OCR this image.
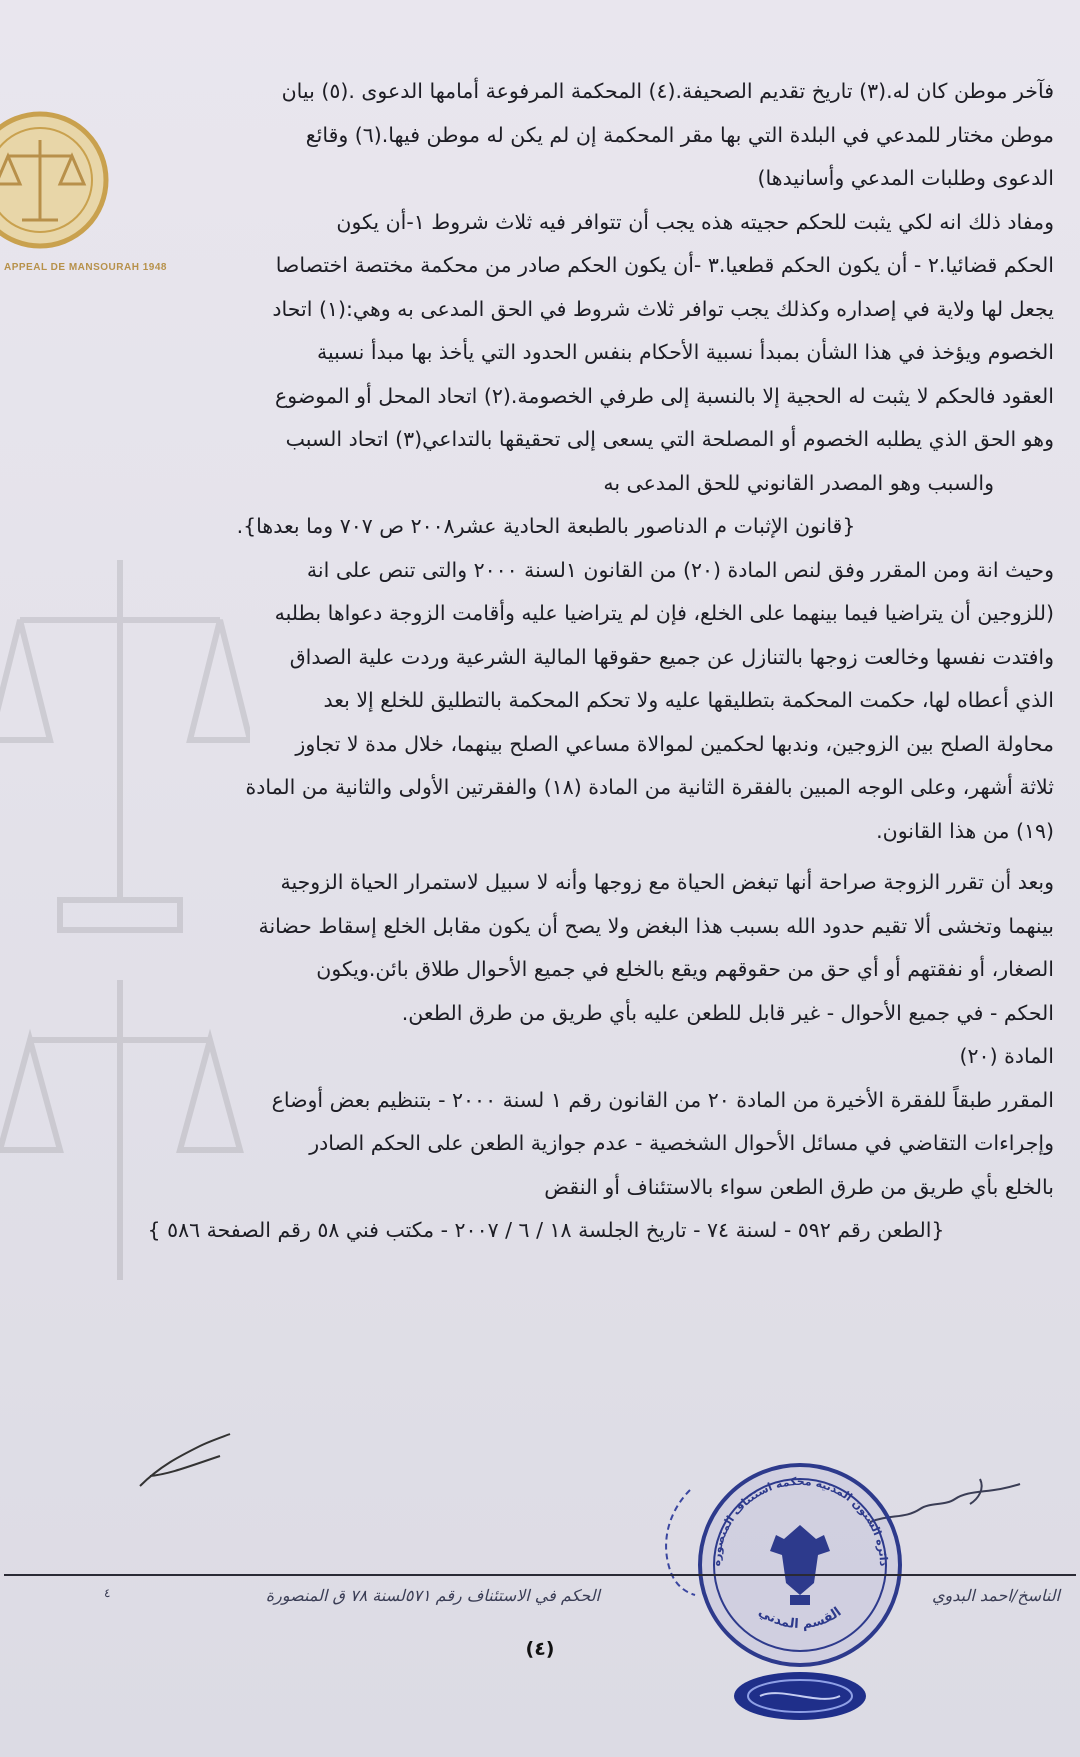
APPEAL DE MANSOURAH 1948

فآخر موطن كان له.(٣) تاريخ تقديم الصحيفة.(٤) المحكمة المرفوعة أمامها الدعوى .(٥) بيان

موطن مختار للمدعي في البلدة التي بها مقر المحكمة إن لم يكن له موطن فيها.(٦) وقائع

الدعوى وطلبات المدعي وأسانيدها)

ومفاد ذلك انه لكي يثبت للحكم حجيته هذه يجب أن تتوافر فيه ثلاث شروط ١-أن يكون

الحكم قضائيا.٢ - أن يكون الحكم قطعيا.٣ -أن يكون الحكم صادر من محكمة مختصة اختصاصا

يجعل لها ولاية في إصداره وكذلك يجب توافر ثلاث شروط في الحق المدعى به وهي:(١) اتحاد

الخصوم ويؤخذ في هذا الشأن بمبدأ نسبية الأحكام بنفس الحدود التي يأخذ بها مبدأ نسبية

العقود فالحكم لا يثبت له الحجية إلا بالنسبة إلى طرفي الخصومة.(٢) اتحاد المحل أو الموضوع

وهو الحق الذي يطلبه الخصوم أو المصلحة التي يسعى إلى تحقيقها بالتداعي(٣) اتحاد السبب

والسبب وهو المصدر القانوني للحق المدعى به

{قانون الإثبات م الدناصور بالطبعة الحادية عشر٢٠٠٨ ص ٧٠٧ وما بعدها}.

وحيث انة ومن المقرر وفق لنص المادة (٢٠) من القانون ١لسنة ٢٠٠٠ والتى تنص على انة

(للزوجين أن يتراضيا فيما بينهما على الخلع، فإن لم يتراضيا عليه وأقامت الزوجة دعواها بطلبه

وافتدت نفسها وخالعت زوجها بالتنازل عن جميع حقوقها المالية الشرعية وردت علية الصداق

الذي أعطاه لها، حكمت المحكمة بتطليقها عليه ولا تحكم المحكمة بالتطليق للخلع إلا بعد

محاولة الصلح بين الزوجين، وندبها لحكمين لموالاة مساعي الصلح بينهما، خلال مدة لا تجاوز

ثلاثة أشهر، وعلى الوجه المبين بالفقرة الثانية من المادة (١٨) والفقرتين الأولى والثانية من المادة

(١٩) من هذا القانون.

وبعد أن تقرر الزوجة صراحة أنها تبغض الحياة مع زوجها وأنه لا سبيل لاستمرار الحياة الزوجية

بينهما وتخشى ألا تقيم حدود الله بسبب هذا البغض ولا يصح أن يكون مقابل الخلع إسقاط حضانة

الصغار، أو نفقتهم أو أي حق من حقوقهم ويقع بالخلع في جميع الأحوال طلاق بائن.ويكون

الحكم - في جميع الأحوال - غير قابل للطعن عليه بأي طريق من طرق الطعن.

المادة (٢٠)

المقرر طبقاً للفقرة الأخيرة من المادة ٢٠ من القانون رقم ١ لسنة ٢٠٠٠ - بتنظيم بعض أوضاع

وإجراءات التقاضي في مسائل الأحوال الشخصية - عدم جوازية الطعن على الحكم الصادر

بالخلع بأي طريق من طرق الطعن سواء بالاستئناف أو النقض

{الطعن رقم ٥٩٢ - لسنة ٧٤ - تاريخ الجلسة ١٨ / ٦ / ٢٠٠٧ - مكتب فني ٥٨ رقم الصفحة ٥٨٦ }

دائرة الشئون المدنية محكمة استئناف المنصورة
القسم المدني
الناسخ/احمد البدوي
الحكم في الاستئناف رقم ٥٧١لسنة ٧٨ ق المنصورة
٤
(٤)
